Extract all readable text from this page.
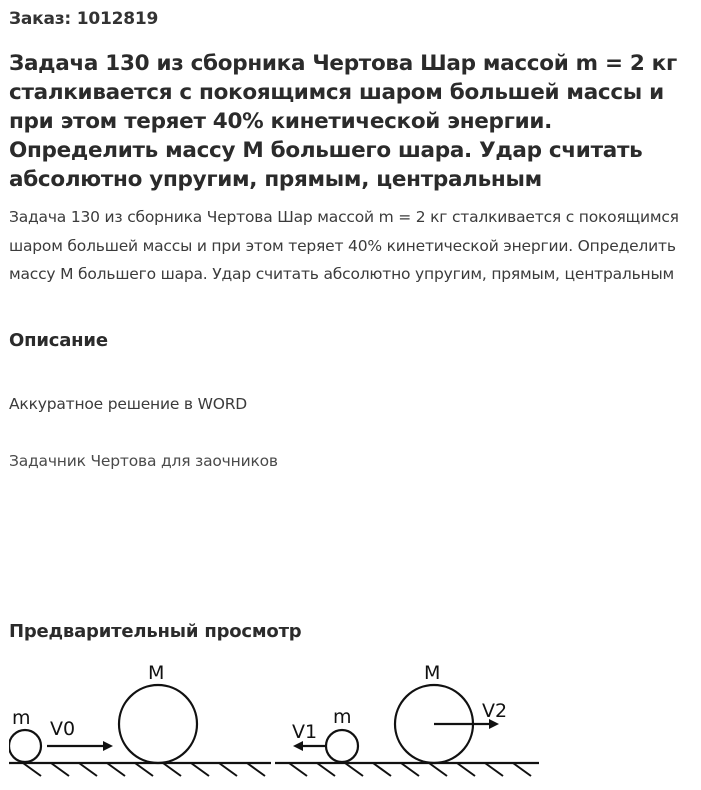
Заказ: 1012819
Задача 130 из сборника Чертова Шар массой m = 2 кг сталкивается с покоящимся шаром большей массы и при этом теряет 40% кинетической энергии. Определить массу М большего шара. Удар считать абсолютно упругим, прямым, центральным
Задача 130 из сборника Чертова Шар массой m = 2 кг сталкивается с покоящимся шаром большей массы и при этом теряет 40% кинетической энергии. Определить массу М большего шара. Удар считать абсолютно упругим, прямым, центральным
Описание
Аккуратное решение в WORD
Задачник Чертова для заочников
Предварительный просмотр
m
M
V0
m
M
V1
V2
